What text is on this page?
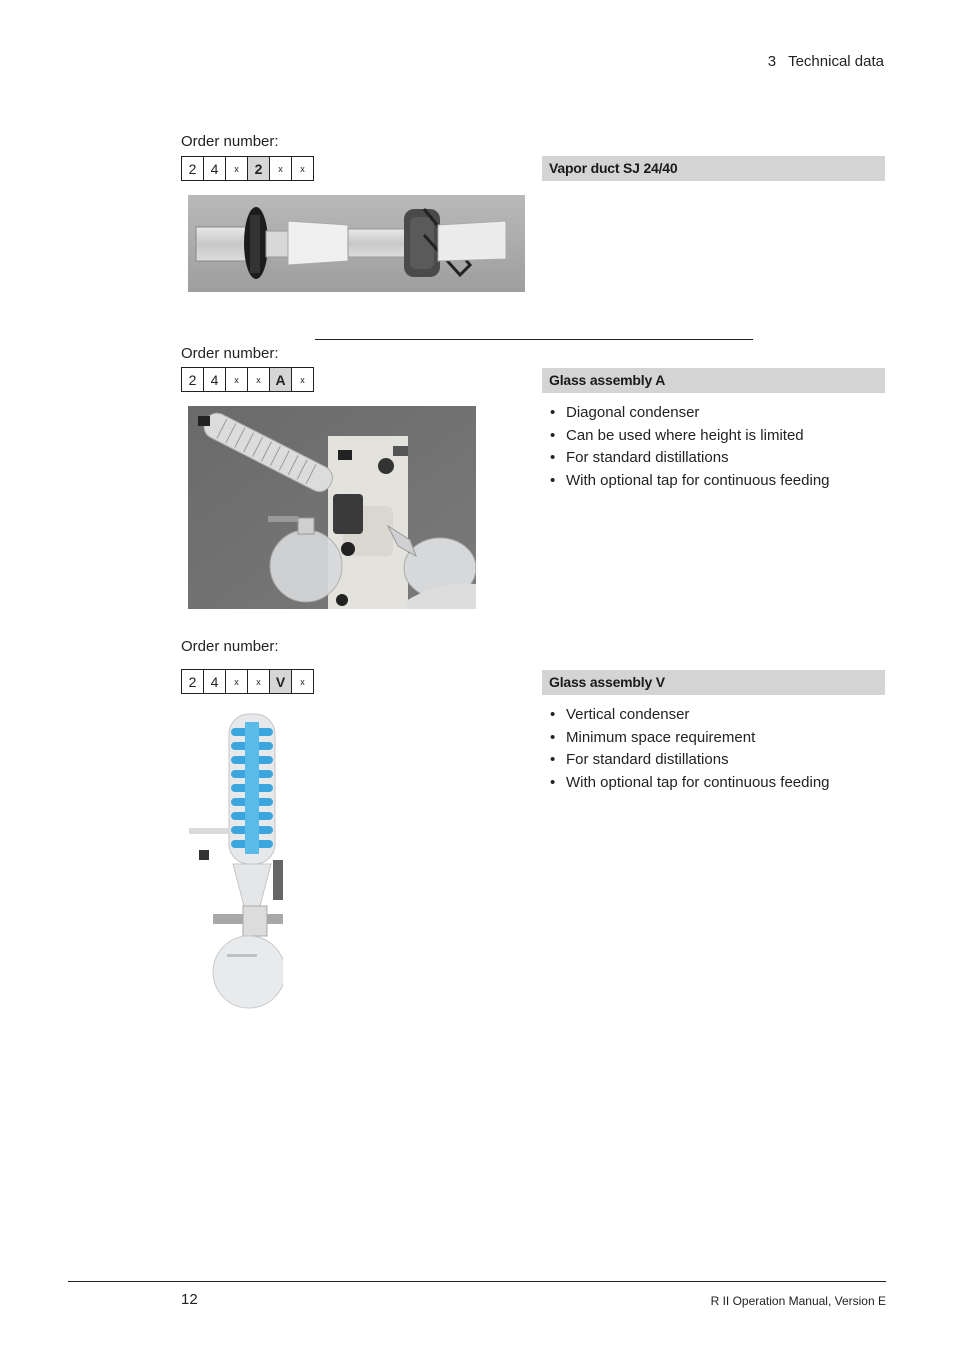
3 Technical data
Order number:
2	4	x	2	x	x	Vapor duct SJ 24/40
Order number:
2	4	x	x	A	x	Glass assembly A
• Diagonal condenser
• Can be used where height is limited
• For standard distillations
• With optional tap for continuous feeding
Order number:
2	4	x	x	V	x	Glass assembly V
• Vertical condenser
• Minimum space requirement
• For standard distillations
• With optional tap for continuous feeding
12	R II Operation Manual, Version E
